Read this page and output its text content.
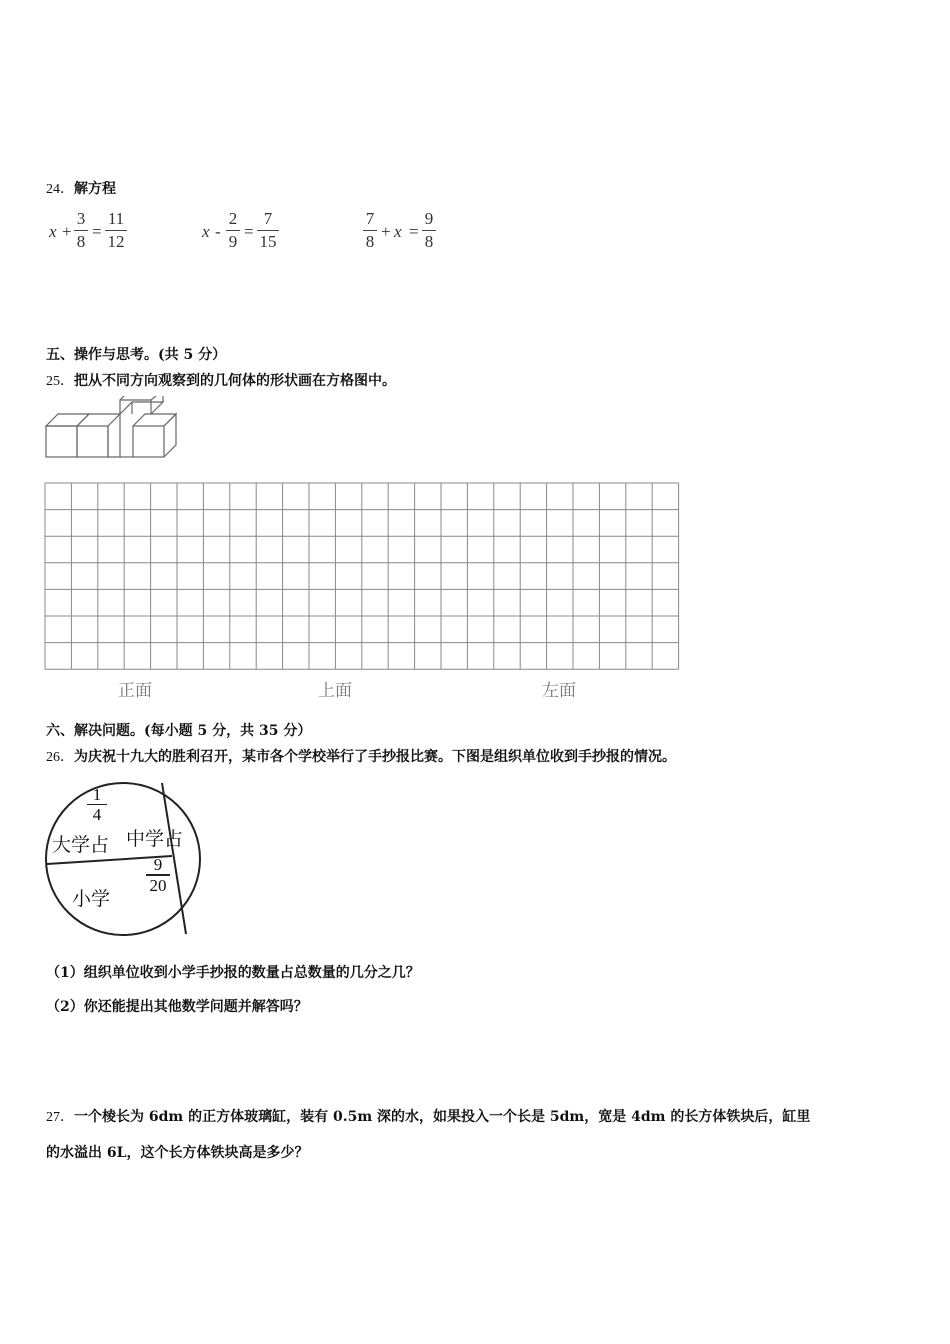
24．解方程
x +
3
8
=
11
12
x -
2
9
=
7
15
7
8
+ x =
9
8
五、操作与思考。(共 5 分）
25．把从不同方向观察到的几何体的形状画在方格图中。
正面	上面	左面
六、解决问题。(每小题 5 分，共 35 分）
26．为庆祝十九大的胜利召开，某市各个学校举行了手抄报比赛。下图是组织单位收到手抄报的情况。
1
4
大学占 中学占
9
20
小学
（1）组织单位收到小学手抄报的数量占总数量的几分之几？
（2）你还能提出其他数学问题并解答吗？
27．一个棱长为 6dm 的正方体玻璃缸，装有 0.5m 深的水，如果投入一个长是 5dm，宽是 4dm 的长方体铁块后，缸里
的水溢出 6L，这个长方体铁块高是多少？
